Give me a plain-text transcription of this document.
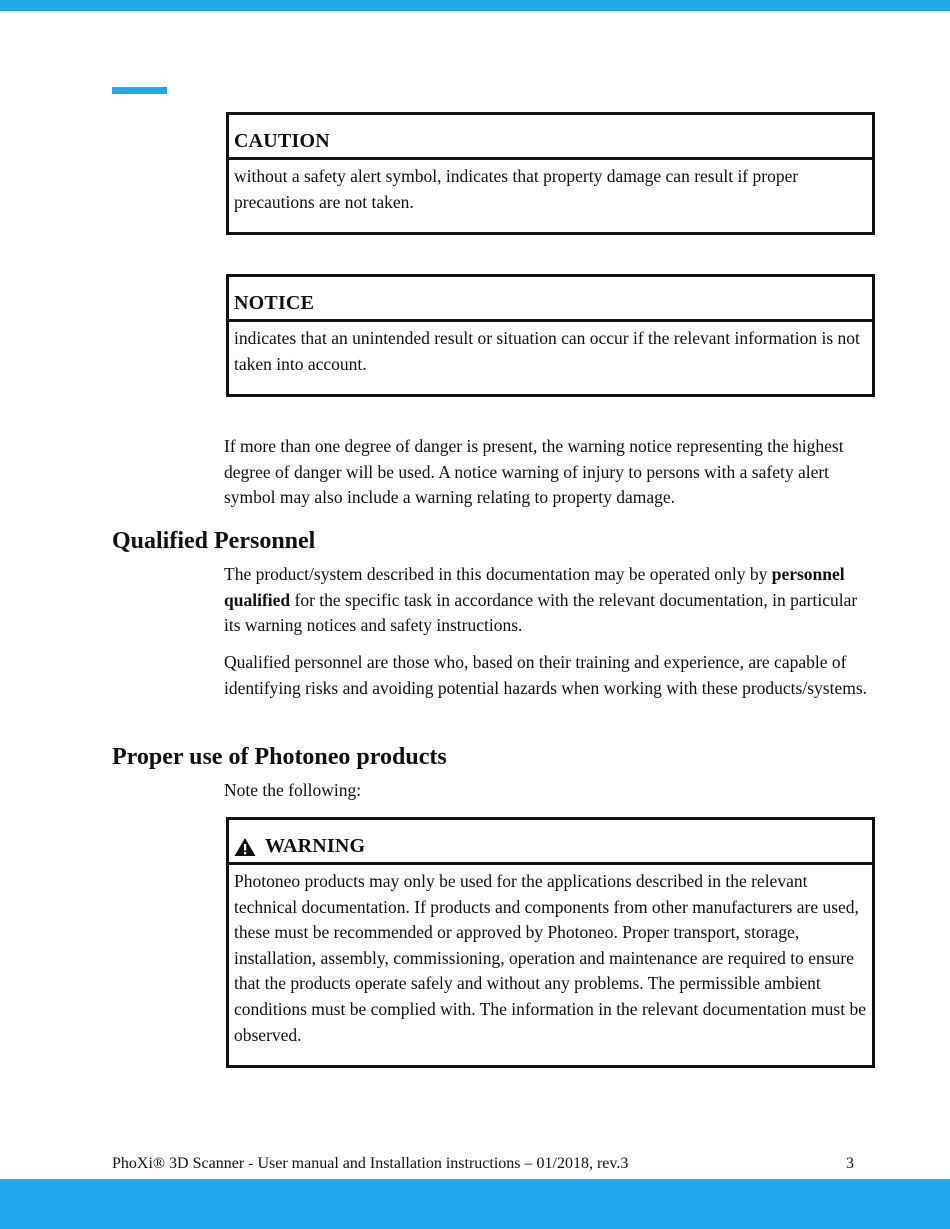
CAUTION
without a safety alert symbol, indicates that property damage can result if proper precautions are not taken.
NOTICE
indicates that an unintended result or situation can occur if the relevant information is not taken into account.

If more than one degree of danger is present, the warning notice representing the highest degree of danger will be used. A notice warning of injury to persons with a safety alert symbol may also include a warning relating to property damage.

Qualified Personnel

The product/system described in this documentation may be operated only by personnel qualified for the specific task in accordance with the relevant documentation, in particular its warning notices and safety instructions.

Qualified personnel are those who, based on their training and experience, are capable of identifying risks and avoiding potential hazards when working with these products/systems.

Proper use of Photoneo products

Note the following:

WARNING
Photoneo products may only be used for the applications described in the relevant technical documentation. If products and components from other manufacturers are used, these must be recommended or approved by Photoneo. Proper transport, storage, installation, assembly, commissioning, operation and maintenance are required to ensure that the products operate safely and without any problems. The permissible ambient conditions must be complied with. The information in the relevant documentation must be observed.
PhoXi® 3D Scanner - User manual and Installation instructions – 01/2018, rev.3	3
